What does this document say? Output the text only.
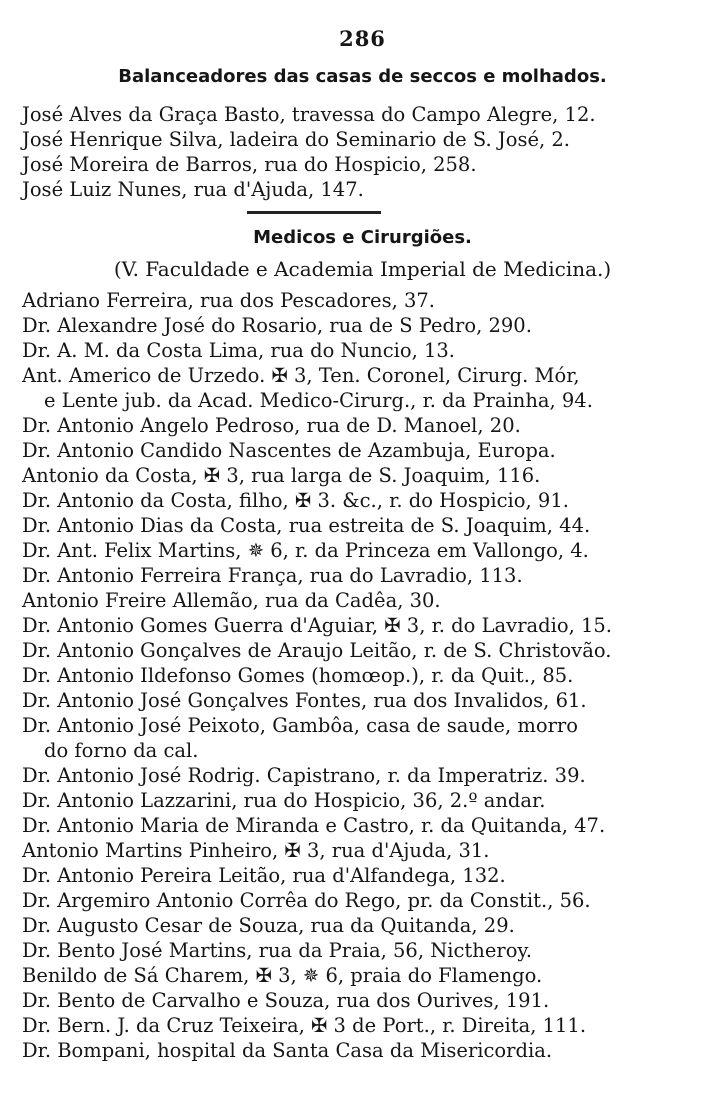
286
Balanceadores das casas de seccos e molhados.
José Alves da Graça Basto, travessa do Campo Alegre, 12.
José Henrique Silva, ladeira do Seminario de S. José, 2.
José Moreira de Barros, rua do Hospicio, 258.
José Luiz Nunes, rua d'Ajuda, 147.
Medicos e Cirurgiões.
(V. Faculdade e Academia Imperial de Medicina.)
Adriano Ferreira, rua dos Pescadores, 37.
Dr. Alexandre José do Rosario, rua de S Pedro, 290.
Dr. A. M. da Costa Lima, rua do Nuncio, 13.
Ant. Americo de Urzedo. ✠ 3, Ten. Coronel, Cirurg. Mór,
e Lente jub. da Acad. Medico-Cirurg., r. da Prainha, 94.
Dr. Antonio Angelo Pedroso, rua de D. Manoel, 20.
Dr. Antonio Candido Nascentes de Azambuja, Europa.
Antonio da Costa, ✠ 3, rua larga de S. Joaquim, 116.
Dr. Antonio da Costa, filho, ✠ 3. &c., r. do Hospicio, 91.
Dr. Antonio Dias da Costa, rua estreita de S. Joaquim, 44.
Dr. Ant. Felix Martins, ✵ 6, r. da Princeza em Vallongo, 4.
Dr. Antonio Ferreira França, rua do Lavradio, 113.
Antonio Freire Allemão, rua da Cadêa, 30.
Dr. Antonio Gomes Guerra d'Aguiar, ✠ 3, r. do Lavradio, 15.
Dr. Antonio Gonçalves de Araujo Leitão, r. de S. Christovão.
Dr. Antonio Ildefonso Gomes (homœop.), r. da Quit., 85.
Dr. Antonio José Gonçalves Fontes, rua dos Invalidos, 61.
Dr. Antonio José Peixoto, Gambôa, casa de saude, morro
do forno da cal.
Dr. Antonio José Rodrig. Capistrano, r. da Imperatriz. 39.
Dr. Antonio Lazzarini, rua do Hospicio, 36, 2.º andar.
Dr. Antonio Maria de Miranda e Castro, r. da Quitanda, 47.
Antonio Martins Pinheiro, ✠ 3, rua d'Ajuda, 31.
Dr. Antonio Pereira Leitão, rua d'Alfandega, 132.
Dr. Argemiro Antonio Corrêa do Rego, pr. da Constit., 56.
Dr. Augusto Cesar de Souza, rua da Quitanda, 29.
Dr. Bento José Martins, rua da Praia, 56, Nictheroy.
Benildo de Sá Charem, ✠ 3, ✵ 6, praia do Flamengo.
Dr. Bento de Carvalho e Souza, rua dos Ourives, 191.
Dr. Bern. J. da Cruz Teixeira, ✠ 3 de Port., r. Direita, 111.
Dr. Bompani, hospital da Santa Casa da Misericordia.
